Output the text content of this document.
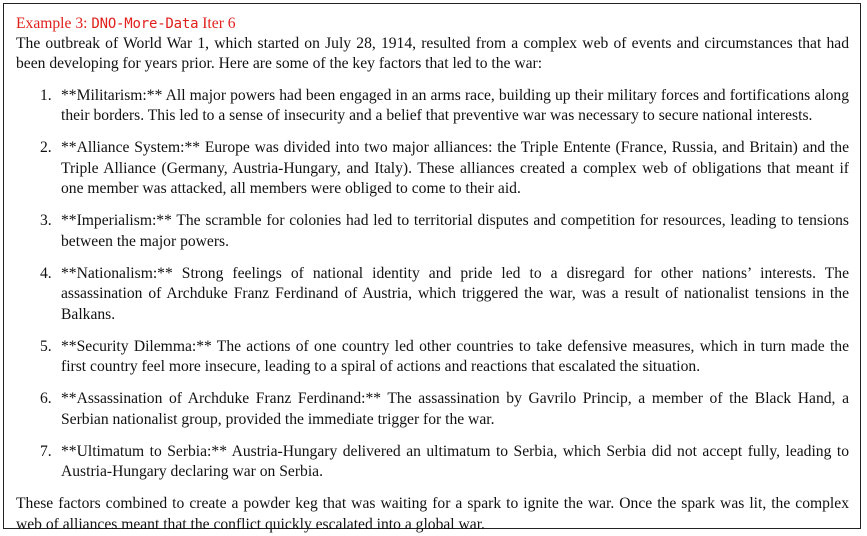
Example 3: DNO-More-Data Iter 6

The outbreak of World War 1, which started on July 28, 1914, resulted from a complex web of events and circumstances that had been developing for years prior. Here are some of the key factors that led to the war:

1. **Militarism:** All major powers had been engaged in an arms race, building up their military forces and fortifications along their borders. This led to a sense of insecurity and a belief that preventive war was necessary to secure national interests.
2. **Alliance System:** Europe was divided into two major alliances: the Triple Entente (France, Russia, and Britain) and the Triple Alliance (Germany, Austria-Hungary, and Italy). These alliances created a complex web of obligations that meant if one member was attacked, all members were obliged to come to their aid.
3. **Imperialism:** The scramble for colonies had led to territorial disputes and competition for resources, leading to tensions between the major powers.
4. **Nationalism:** Strong feelings of national identity and pride led to a disregard for other nations’ interests. The assassination of Archduke Franz Ferdinand of Austria, which triggered the war, was a result of nationalist tensions in the Balkans.
5. **Security Dilemma:** The actions of one country led other countries to take defensive measures, which in turn made the first country feel more insecure, leading to a spiral of actions and reactions that escalated the situation.
6. **Assassination of Archduke Franz Ferdinand:** The assassination by Gavrilo Princip, a member of the Black Hand, a Serbian nationalist group, provided the immediate trigger for the war.
7. **Ultimatum to Serbia:** Austria-Hungary delivered an ultimatum to Serbia, which Serbia did not accept fully, leading to Austria-Hungary declaring war on Serbia.

These factors combined to create a powder keg that was waiting for a spark to ignite the war. Once the spark was lit, the complex web of alliances meant that the conflict quickly escalated into a global war.
